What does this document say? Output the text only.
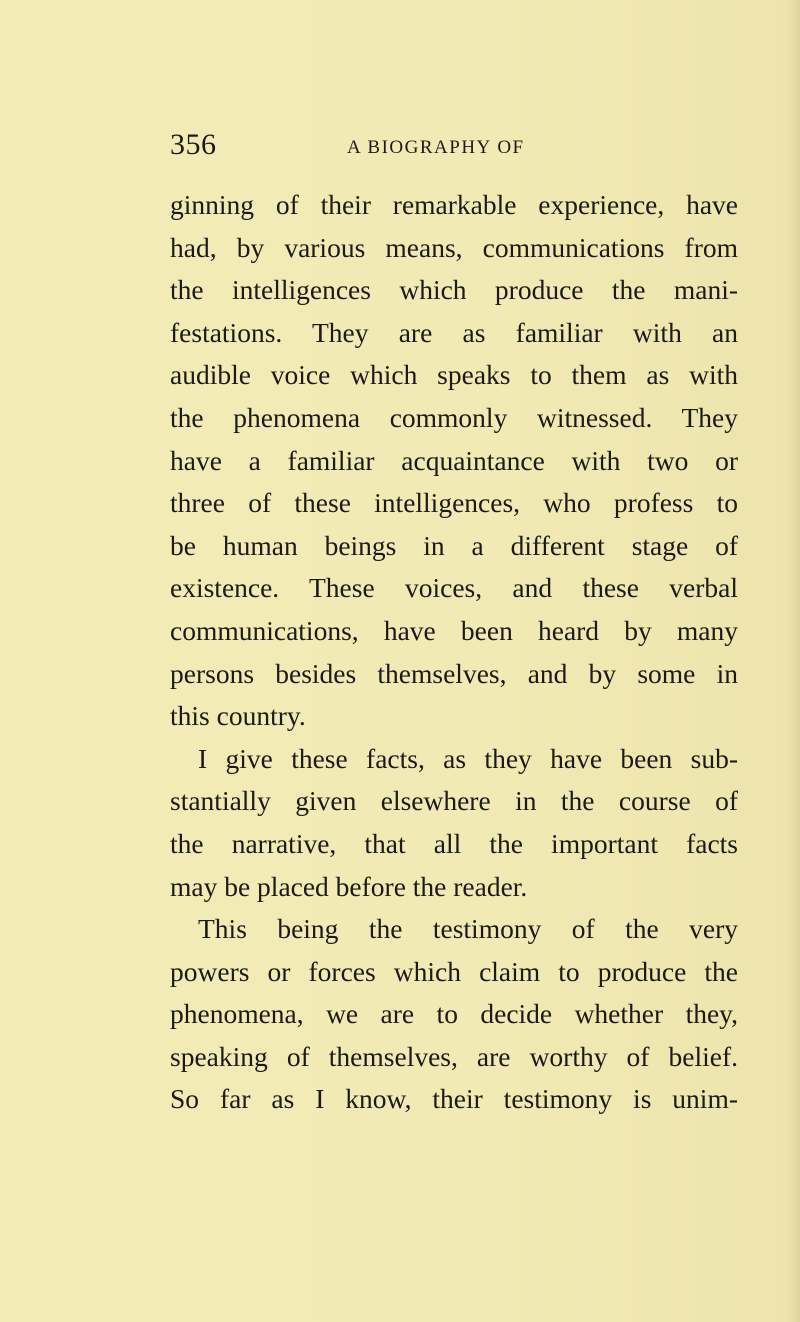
356	A BIOGRAPHY OF
ginning of their remarkable experience, have
had, by various means, communications from
the intelligences which produce the mani-
festations. They are as familiar with an
audible voice which speaks to them as with
the phenomena commonly witnessed. They
have a familiar acquaintance with two or
three of these intelligences, who profess to
be human beings in a different stage of
existence. These voices, and these verbal
communications, have been heard by many
persons besides themselves, and by some in
this country.
I give these facts, as they have been sub-
stantially given elsewhere in the course of
the narrative, that all the important facts
may be placed before the reader.
This being the testimony of the very
powers or forces which claim to produce the
phenomena, we are to decide whether they,
speaking of themselves, are worthy of belief.
So far as I know, their testimony is unim-
